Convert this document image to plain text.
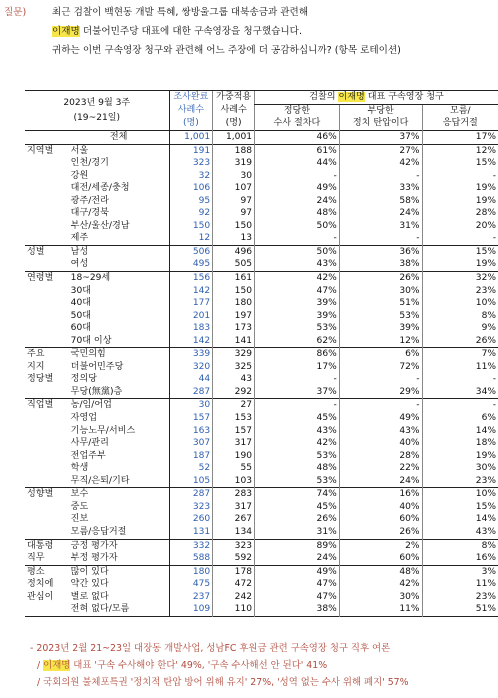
질문)	최근 검찰이 백현동 개발 특혜, 쌍방울그룹 대북송금과 관련해
이재명 더불어민주당 대표에 대한 구속영장을 청구했습니다.
귀하는 이번 구속영장 청구와 관련해 어느 주장에 더 공감하십니까? (항목 로테이션)
2023년 9월 3주
(19~21일)		조사완료	가중적용	검찰의 이재명 대표 구속영장 청구		
		사례수	사례수	정당한	부당한	모름/
		(명)	(명)	수사 절차다	정치 탄압이다	응답거절
	전체	1,001	1,001	46%	37%	17%
지역별	서울	191	188	61%	27%	12%
	인천/경기	323	319	44%	42%	15%
	강원	32	30	-	-	-
	대전/세종/충청	106	107	49%	33%	19%
	광주/전라	95	97	24%	58%	19%
	대구/경북	92	97	48%	24%	28%
	부산/울산/경남	150	150	50%	31%	20%
	제주	12	13	-	-	-
성별	남성	506	496	50%	36%	15%
	여성	495	505	43%	38%	19%
연령별	18~29세	156	161	42%	26%	32%
	30대	142	150	47%	30%	23%
	40대	177	180	39%	51%	10%
	50대	201	197	39%	53%	8%
	60대	183	173	53%	39%	9%
	70대 이상	142	141	62%	12%	26%
주요	국민의힘	339	329	86%	6%	7%
지지	더불어민주당	320	325	17%	72%	11%
정당별	정의당	44	43	-	-	-
	무당(無黨)층	287	292	37%	29%	34%
직업별	농/임/어업	30	27	-	-	-
	자영업	157	153	45%	49%	6%
	기능노무/서비스	163	157	43%	43%	14%
	사무/관리	307	317	42%	40%	18%
	전업주부	187	190	53%	28%	19%
	학생	52	55	48%	22%	30%
	무직/은퇴/기타	105	103	53%	24%	23%
성향별	보수	287	283	74%	16%	10%
	중도	323	317	45%	40%	15%
	진보	260	267	26%	60%	14%
	모름/응답거절	131	134	31%	26%	43%
대통령	긍정 평가자	332	323	89%	2%	8%
직무	부정 평가자	588	592	24%	60%	16%
평소	많이 있다	180	178	49%	48%	3%
정치에	약간 있다	475	472	47%	42%	11%
관심이	별로 없다	237	242	47%	30%	23%
	전혀 없다/모름	109	110	38%	11%	51%
- 2023년 2월 21~23일 대장동 개발사업, 성남FC 후원금 관련 구속영장 청구 직후 여론
/ 이재명 대표 '구속 수사해야 한다' 49%, '구속 수사해선 안 된다' 41%
/ 국회의원 불체포특권 '정치적 탄압 방어 위해 유지' 27%, '성역 없는 수사 위해 폐지' 57%
